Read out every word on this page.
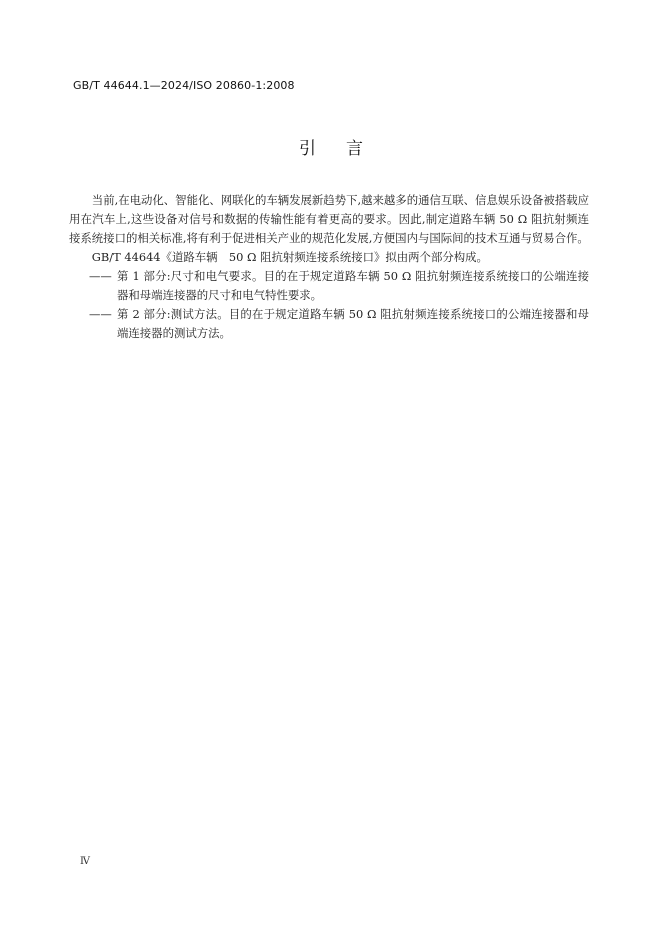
GB/T 44644.1—2024/ISO 20860-1:2008
引言

当前,在电动化、智能化、网联化的车辆发展新趋势下,越来越多的通信互联、信息娱乐设备被搭载应用在汽车上,这些设备对信号和数据的传输性能有着更高的要求。因此,制定道路车辆 50 Ω 阻抗射频连接系统接口的相关标准,将有利于促进相关产业的规范化发展,方便国内与国际间的技术互通与贸易合作。

GB/T 44644《道路车辆　50 Ω 阻抗射频连接系统接口》拟由两个部分构成。

—— 第 1 部分:尺寸和电气要求。目的在于规定道路车辆 50 Ω 阻抗射频连接系统接口的公端连接器和母端连接器的尺寸和电气特性要求。
—— 第 2 部分:测试方法。目的在于规定道路车辆 50 Ω 阻抗射频连接系统接口的公端连接器和母端连接器的测试方法。
Ⅳ
